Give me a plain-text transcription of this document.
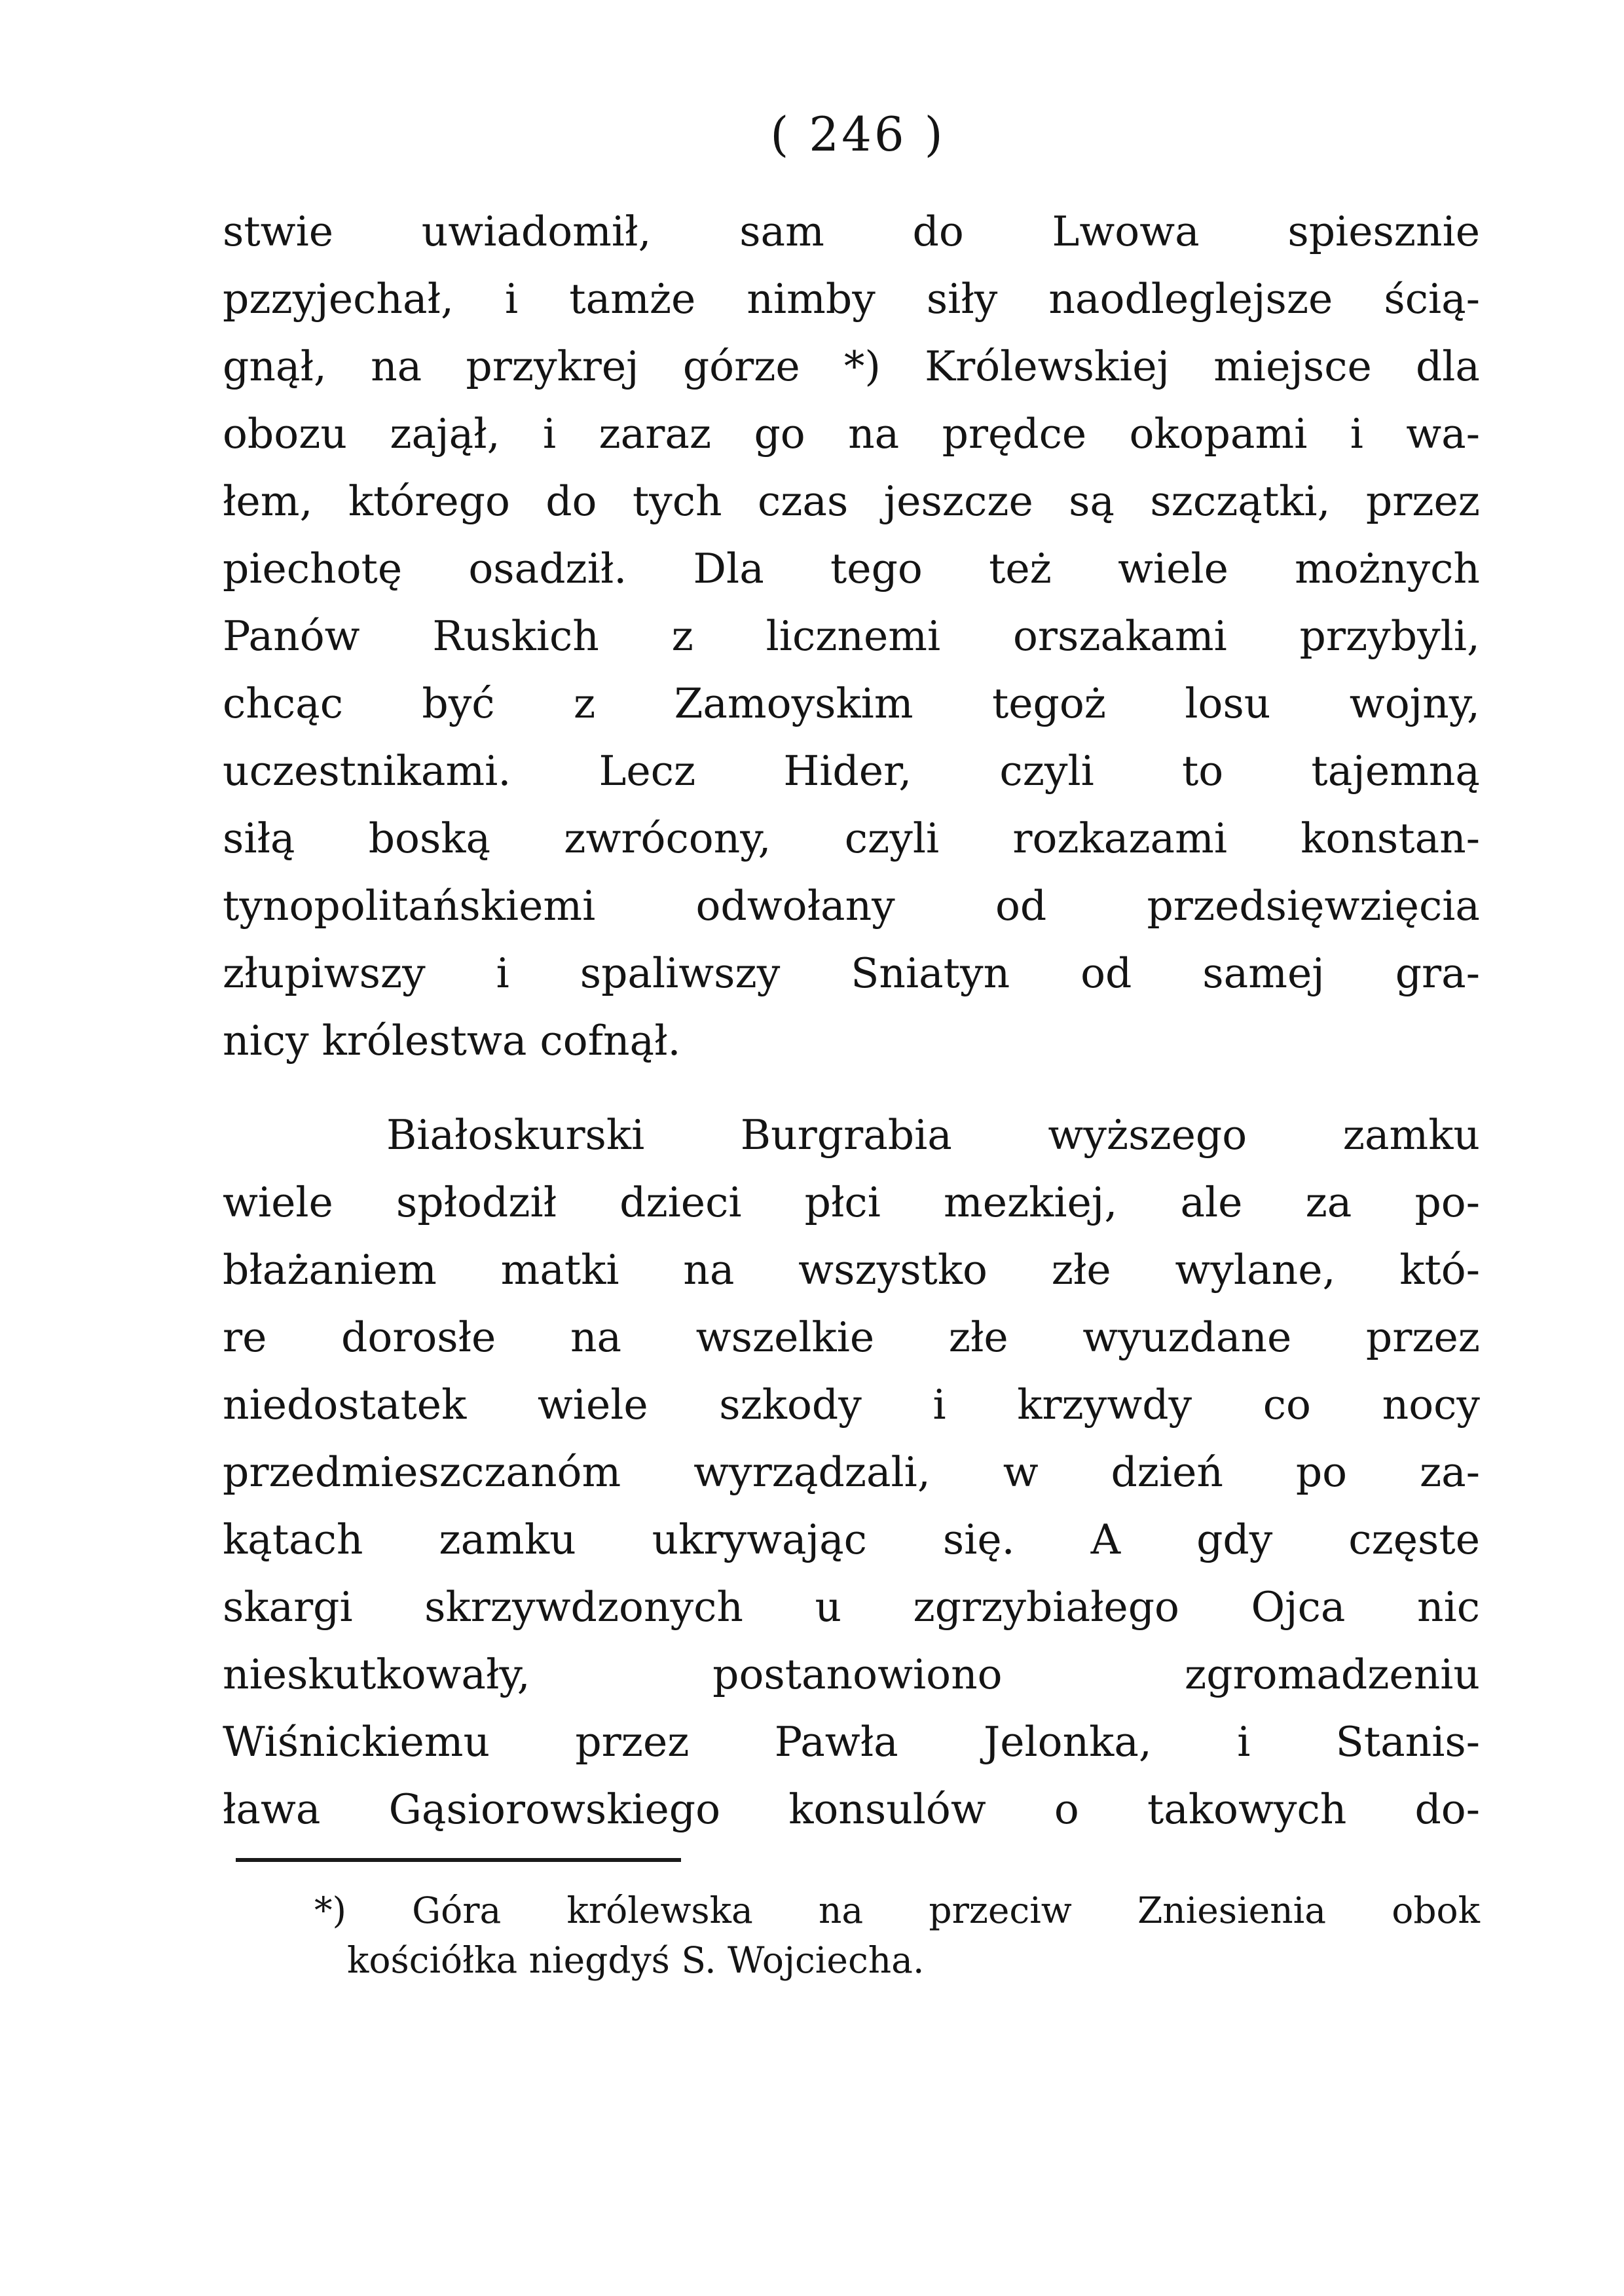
( 246 )
stwie uwiadomił, sam do Lwowa spiesznie
pzzyjechał, i tamże nimby siły naodleglejsze ścią-
gnął, na przykrej górze *) Królewskiej miejsce dla
obozu zajął, i zaraz go na prędce okopami i wa-
łem, którego do tych czas jeszcze są szczątki, przez
piechotę osadził. Dla tego też wiele możnych
Panów Ruskich z licznemi orszakami przybyli,
chcąc być z Zamoyskim tegoż losu wojny,
uczestnikami. Lecz Hider, czyli to tajemną
siłą boską zwrócony, czyli rozkazami konstan-
tynopolitańskiemi odwołany od przedsięwzięcia
złupiwszy i spaliwszy Sniatyn od samej gra-
nicy królestwa cofnął.
Białoskurski Burgrabia wyższego zamku
wiele spłodził dzieci płci mezkiej, ale za po-
błażaniem matki na wszystko złe wylane, któ-
re dorosłe na wszelkie złe wyuzdane przez
niedostatek wiele szkody i krzywdy co nocy
przedmieszczanóm wyrządzali, w dzień po za-
kątach zamku ukrywając się. A gdy częste
skargi skrzywdzonych u zgrzybiałego Ojca nic
nieskutkowały, postanowiono zgromadzeniu
Wiśnickiemu przez Pawła Jelonka, i Stanis-
ława Gąsiorowskiego konsulów o takowych do-
*) Góra królewska na przeciw Zniesienia obok
kościółka niegdyś S. Wojciecha.
